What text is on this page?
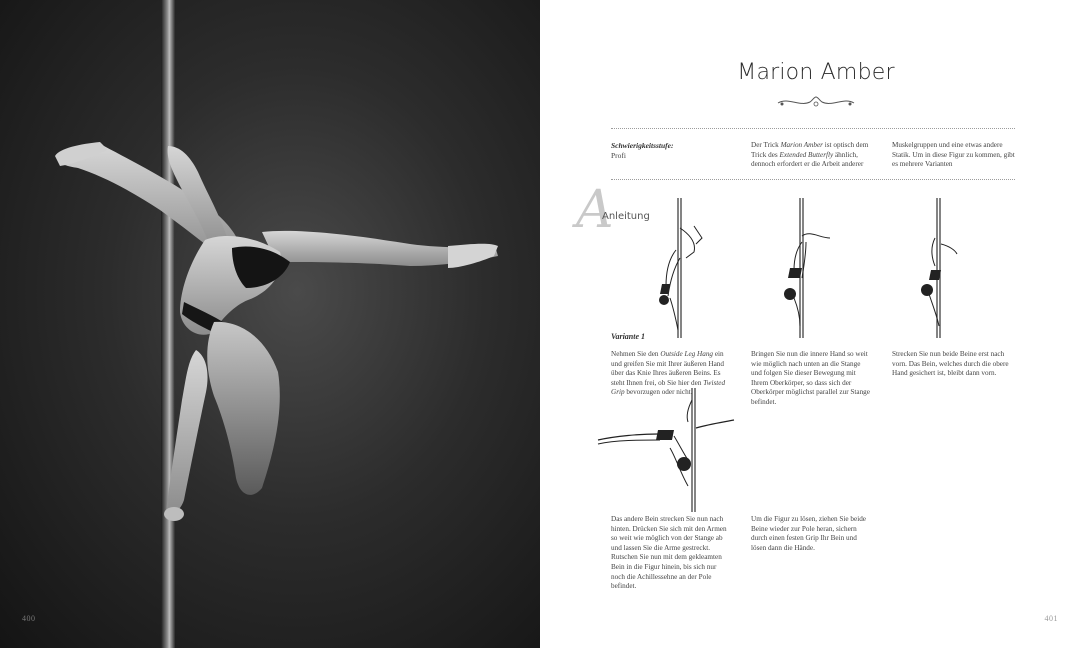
400
Marion Amber
Schwierigkeitsstufe:
Profi
Der Trick Marion Amber ist optisch dem Trick des Extended Butterfly ähnlich, dennoch erfordert er die Arbeit anderer
Muskelgruppen und eine etwas andere Statik. Um in diese Figur zu kommen, gibt es mehrere Varianten
A
Anleitung
Variante 1
Nehmen Sie den Outside Leg Hang ein und greifen Sie mit Ihrer äußeren Hand über das Knie Ihres äußeren Beins. Es steht Ihnen frei, ob Sie hier den Twisted Grip bevorzugen oder nicht.
Bringen Sie nun die innere Hand so weit wie möglich nach unten an die Stange und folgen Sie dieser Bewegung mit Ihrem Oberkörper, so dass sich der Oberkörper möglichst parallel zur Stange befindet.
Strecken Sie nun beide Beine erst nach vorn. Das Bein, welches durch die obere Hand gesichert ist, bleibt dann vorn.
Das andere Bein strecken Sie nun nach hinten. Drücken Sie sich mit den Armen so weit wie möglich von der Stange ab und lassen Sie die Arme gestreckt. Rutschen Sie nun mit dem gekleamten Bein in die Figur hinein, bis sich nur noch die Achillessehne an der Pole befindet.
Um die Figur zu lösen, ziehen Sie beide Beine wieder zur Pole heran, sichern durch einen festen Grip Ihr Bein und lösen dann die Hände.
401
